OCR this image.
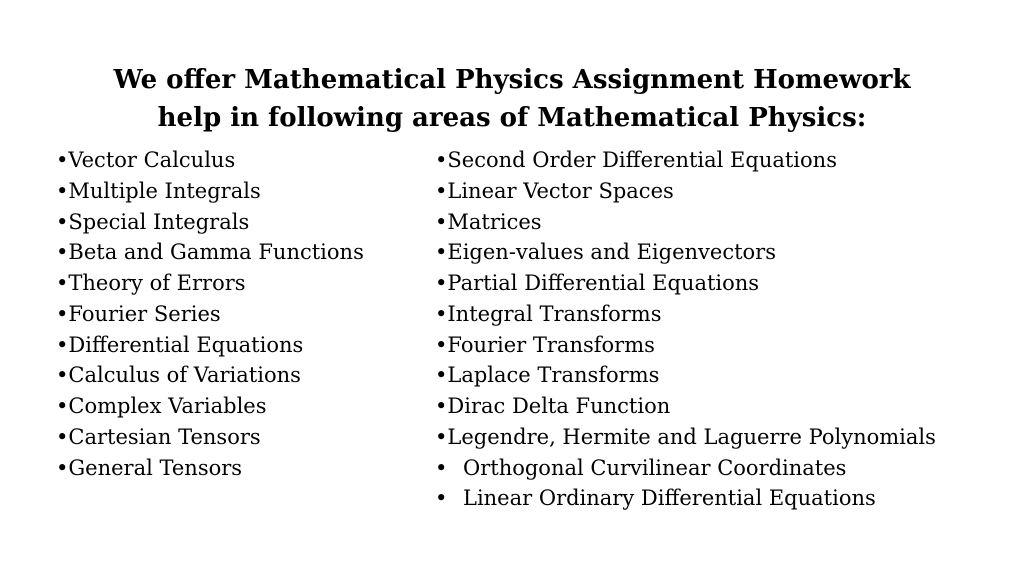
We offer Mathematical Physics Assignment Homework
help in following areas of Mathematical Physics:
•Vector Calculus
•Multiple Integrals
•Special Integrals
•Beta and Gamma Functions
•Theory of Errors
•Fourier Series
•Differential Equations
•Calculus of Variations
•Complex Variables
•Cartesian Tensors
•General Tensors
•Second Order Differential Equations
•Linear Vector Spaces
•Matrices
•Eigen-values and Eigenvectors
•Partial Differential Equations
•Integral Transforms
•Fourier Transforms
•Laplace Transforms
•Dirac Delta Function
•Legendre, Hermite and Laguerre Polynomials
• Orthogonal Curvilinear Coordinates
• Linear Ordinary Differential Equations
